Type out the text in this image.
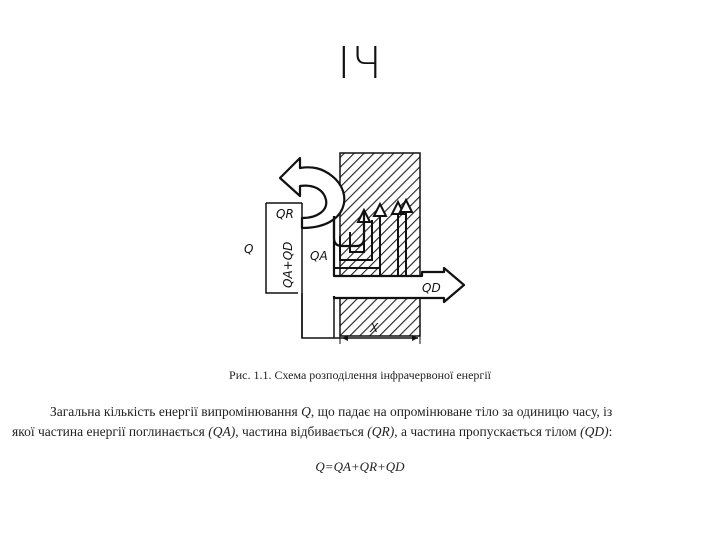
ІЧ
Q
QR
QA
QA+QD	QD
X
Рис. 1.1. Схема розподілення інфрачервоної енергії
Загальна кількість енергії випромінювання Q, що падає на опромінюване тіло за одиницю часу, із
якої частина енергії поглинається (QA), частина відбивається (QR), а частина пропускається тілом (QD):
Q=QA+QR+QD
